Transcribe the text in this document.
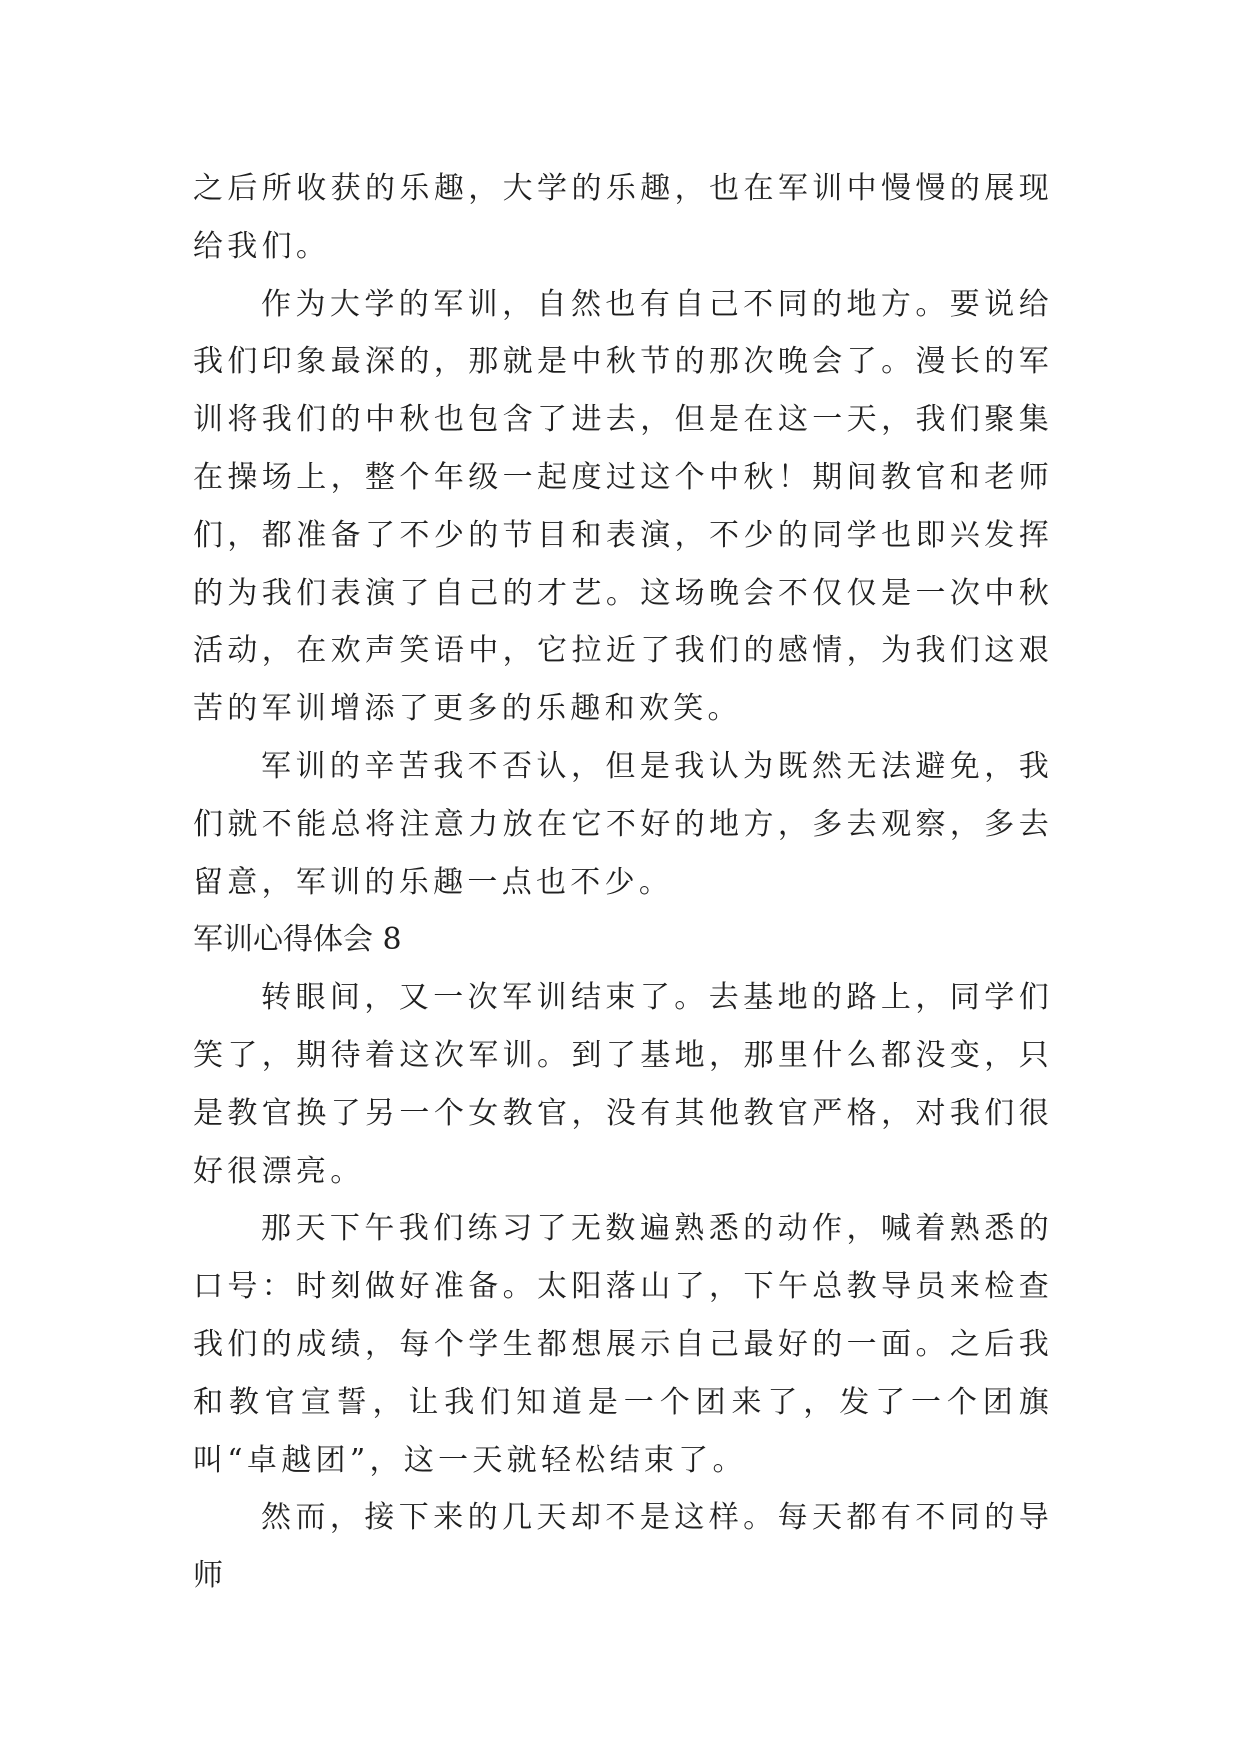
之后所收获的乐趣，大学的乐趣，也在军训中慢慢的展现给我们。

作为大学的军训，自然也有自己不同的地方。要说给我们印象最深的，那就是中秋节的那次晚会了。漫长的军训将我们的中秋也包含了进去，但是在这一天，我们聚集在操场上，整个年级一起度过这个中秋！期间教官和老师们，都准备了不少的节目和表演，不少的同学也即兴发挥的为我们表演了自己的才艺。这场晚会不仅仅是一次中秋活动，在欢声笑语中，它拉近了我们的感情，为我们这艰苦的军训增添了更多的乐趣和欢笑。

军训的辛苦我不否认，但是我认为既然无法避免，我们就不能总将注意力放在它不好的地方，多去观察，多去留意，军训的乐趣一点也不少。

军训心得体会 8

转眼间，又一次军训结束了。去基地的路上，同学们笑了，期待着这次军训。到了基地，那里什么都没变，只是教官换了另一个女教官，没有其他教官严格，对我们很好很漂亮。

那天下午我们练习了无数遍熟悉的动作，喊着熟悉的口号：时刻做好准备。太阳落山了，下午总教导员来检查我们的成绩，每个学生都想展示自己最好的一面。之后我和教官宣誓，让我们知道是一个团来了，发了一个团旗叫“卓越团”，这一天就轻松结束了。

然而，接下来的几天却不是这样。每天都有不同的导师
